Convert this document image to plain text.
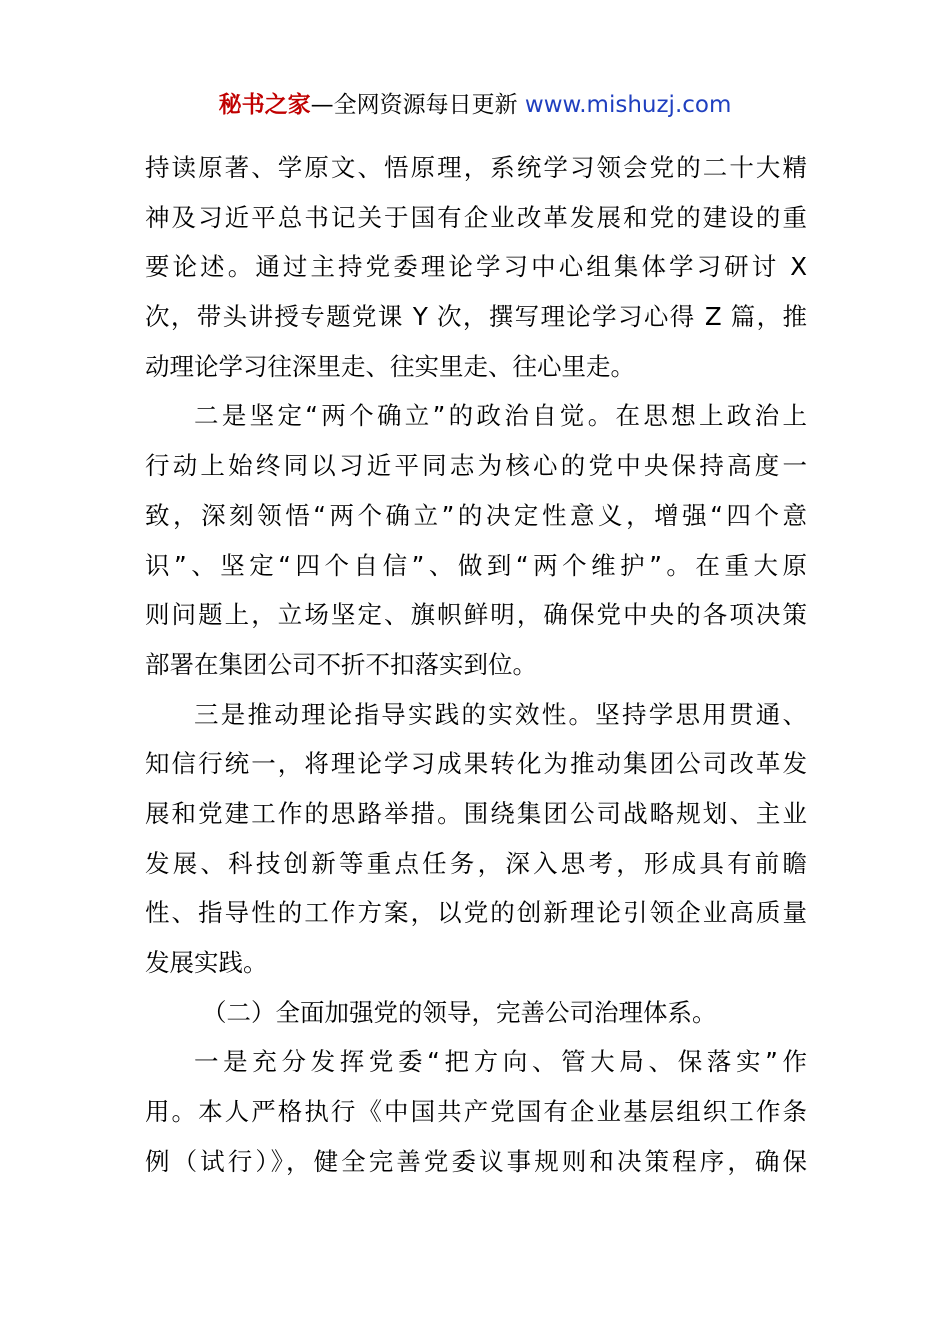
秘书之家—全网资源每日更新 www.mishuzj.com
持读原著、学原文、悟原理，系统学习领会党的二十大精
神及习近平总书记关于国有企业改革发展和党的建设的重
要论述。通过主持党委理论学习中心组集体学习研讨 X
次，带头讲授专题党课 Y 次，撰写理论学习心得 Z 篇，推
动理论学习往深里走、往实里走、往心里走。
二是坚定“两个确立”的政治自觉。在思想上政治上
行动上始终同以习近平同志为核心的党中央保持高度一
致，深刻领悟“两个确立”的决定性意义，增强“四个意
识”、坚定“四个自信”、做到“两个维护”。在重大原
则问题上，立场坚定、旗帜鲜明，确保党中央的各项决策
部署在集团公司不折不扣落实到位。
三是推动理论指导实践的实效性。坚持学思用贯通、
知信行统一，将理论学习成果转化为推动集团公司改革发
展和党建工作的思路举措。围绕集团公司战略规划、主业
发展、科技创新等重点任务，深入思考，形成具有前瞻
性、指导性的工作方案，以党的创新理论引领企业高质量
发展实践。
（二）全面加强党的领导，完善公司治理体系。
一是充分发挥党委“把方向、管大局、保落实”作
用。本人严格执行《中国共产党国有企业基层组织工作条
例（试行）》，健全完善党委议事规则和决策程序，确保
